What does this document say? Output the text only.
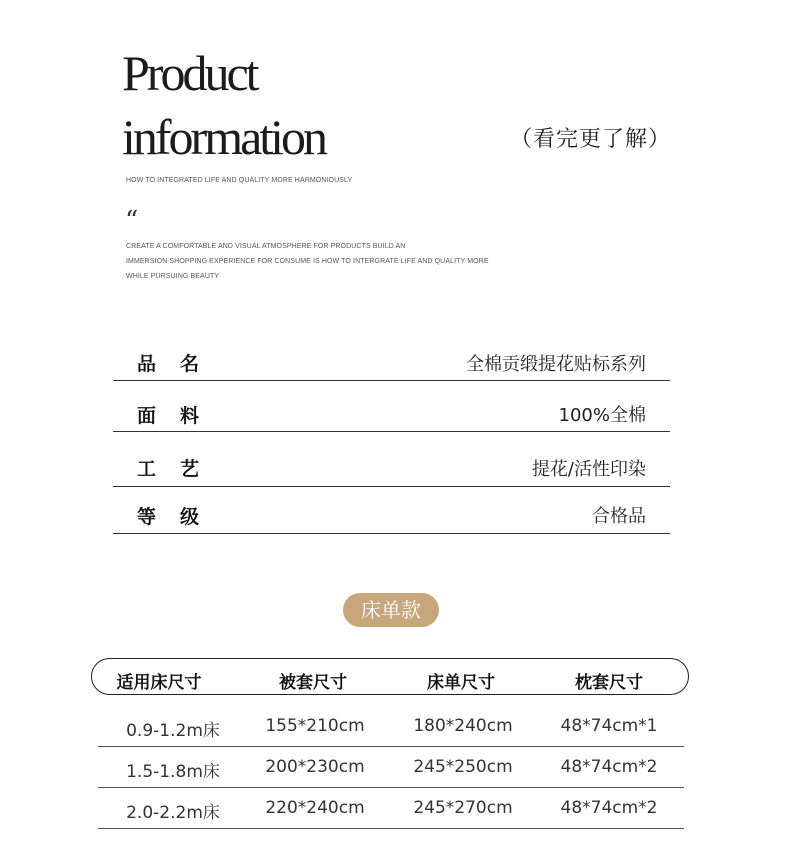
Product
information	（看完更了解）
HOW TO INTEGRATED LIFE AND QUALITY MORE HARMONIOUSLY
“
CREATE A COMFORTABLE AND VISUAL ATMOSPHERE FOR PRODUCTS BUILD AN
IMMERSION SHOPPING EXPERIENCE FOR CONSUME IS HOW TO INTERGRATE LIFE AND QUALITY MORE
WHILE PURSUING BEAUTY
品名	全棉贡缎提花贴标系列
面料	100%全棉
工艺	提花/活性印染
等级	合格品
床单款
适用床尺寸	被套尺寸	床单尺寸	枕套尺寸
0.9-1.2m床	155*210cm	180*240cm	48*74cm*1
1.5-1.8m床	200*230cm	245*250cm	48*74cm*2
2.0-2.2m床	220*240cm	245*270cm	48*74cm*2
